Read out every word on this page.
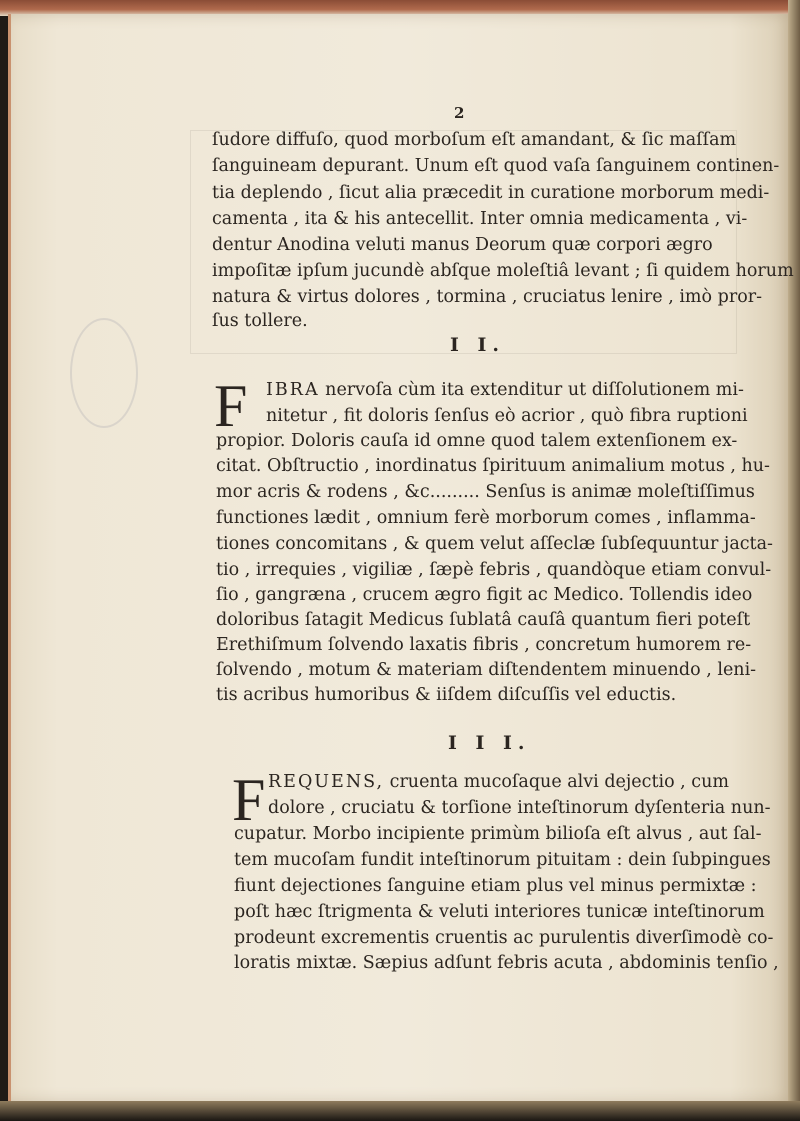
2
ſudore diffuſo, quod morboſum eſt amandant, & ſic maſſam
ſanguineam depurant. Unum eſt quod vaſa ſanguinem continen-
tia deplendo , ſicut alia præcedit in curatione morborum medi-
camenta , ita & his antecellit. Inter omnia medicamenta , vi-
dentur Anodina veluti manus Deorum quæ corpori ægro
impoſitæ ipſum jucundè abſque moleſtiâ levant ; ſi quidem horum
natura & virtus dolores , tormina , cruciatus lenire , imò pror-
ſus tollere.
I I.
F IBRA nervoſa cùm ita extenditur ut diſſolutionem mi-
nitetur , fit doloris ſenſus eò acrior , quò fibra ruptioni
propior. Doloris cauſa id omne quod talem extenſionem ex-
citat. Obſtructio , inordinatus ſpirituum animalium motus , hu-
mor acris & rodens , &c......... Senſus is animæ moleſtiſſimus
functiones lædit , omnium ferè morborum comes , inflamma-
tiones concomitans , & quem velut aſſeclæ ſubſequuntur jacta-
tio , irrequies , vigiliæ , ſæpè febris , quandòque etiam convul-
ſio , gangræna , crucem ægro figit ac Medico. Tollendis ideo
doloribus ſatagit Medicus ſublatâ cauſâ quantum fieri poteſt
Erethiſmum ſolvendo laxatis fibris , concretum humorem re-
ſolvendo , motum & materiam diſtendentem minuendo , leni-
tis acribus humoribus & iiſdem diſcuſſis vel eductis.
I I I.
F REQUENS, cruenta mucoſaque alvi dejectio , cum
dolore , cruciatu & torſione inteſtinorum dyſenteria nun-
cupatur. Morbo incipiente primùm bilioſa eſt alvus , aut ſal-
tem mucoſam fundit inteſtinorum pituitam : dein ſubpingues
fiunt dejectiones ſanguine etiam plus vel minus permixtæ :
poſt hæc ſtrigmenta & veluti interiores tunicæ inteſtinorum
prodeunt excrementis cruentis ac purulentis diverſimodè co-
loratis mixtæ. Sæpius adſunt febris acuta , abdominis tenſio ,
